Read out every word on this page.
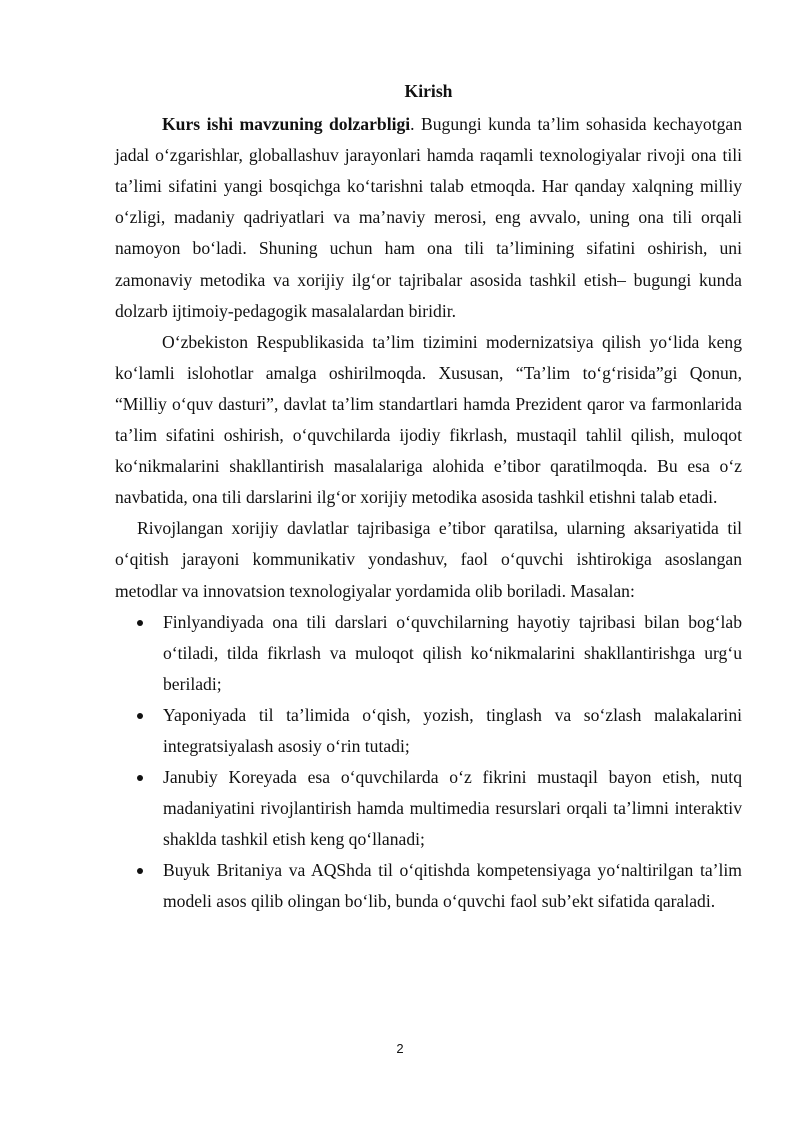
Kirish

Kurs ishi mavzuning dolzarbligi. Bugungi kunda ta’lim sohasida kechayotgan jadal o‘zgarishlar, globallashuv jarayonlari hamda raqamli texnologiyalar rivoji ona tili ta’limi sifatini yangi bosqichga ko‘tarishni talab etmoqda. Har qanday xalqning milliy o‘zligi, madaniy qadriyatlari va ma’naviy merosi, eng avvalo, uning ona tili orqali namoyon bo‘ladi. Shuning uchun ham ona tili ta’limining sifatini oshirish, uni zamonaviy metodika va xorijiy ilg‘or tajribalar asosida tashkil etish– bugungi kunda dolzarb ijtimoiy-pedagogik masalalardan biridir.

O‘zbekiston Respublikasida ta’lim tizimini modernizatsiya qilish yo‘lida keng ko‘lamli islohotlar amalga oshirilmoqda. Xususan, “Ta’lim to‘g‘risida”gi Qonun, “Milliy o‘quv dasturi”, davlat ta’lim standartlari hamda Prezident qaror va farmonlarida ta’lim sifatini oshirish, o‘quvchilarda ijodiy fikrlash, mustaqil tahlil qilish, muloqot ko‘nikmalarini shakllantirish masalalariga alohida e’tibor qaratilmoqda. Bu esa o‘z navbatida, ona tili darslarini ilg‘or xorijiy metodika asosida tashkil etishni talab etadi.

Rivojlangan xorijiy davlatlar tajribasiga e’tibor qaratilsa, ularning aksariyatida til o‘qitish jarayoni kommunikativ yondashuv, faol o‘quvchi ishtirokiga asoslangan metodlar va innovatsion texnologiyalar yordamida olib boriladi. Masalan:

Finlyandiyada ona tili darslari o‘quvchilarning hayotiy tajribasi bilan bog‘lab o‘tiladi, tilda fikrlash va muloqot qilish ko‘nikmalarini shakllantirishga urg‘u beriladi;
Yaponiyada til ta’limida o‘qish, yozish, tinglash va so‘zlash malakalarini integratsiyalash asosiy o‘rin tutadi;
Janubiy Koreyada esa o‘quvchilarda o‘z fikrini mustaqil bayon etish, nutq madaniyatini rivojlantirish hamda multimedia resurslari orqali ta’limni interaktiv shaklda tashkil etish keng qo‘llanadi;
Buyuk Britaniya va AQShda til o‘qitishda kompetensiyaga yo‘naltirilgan ta’lim modeli asos qilib olingan bo‘lib, bunda o‘quvchi faol sub’ekt sifatida qaraladi.
2
